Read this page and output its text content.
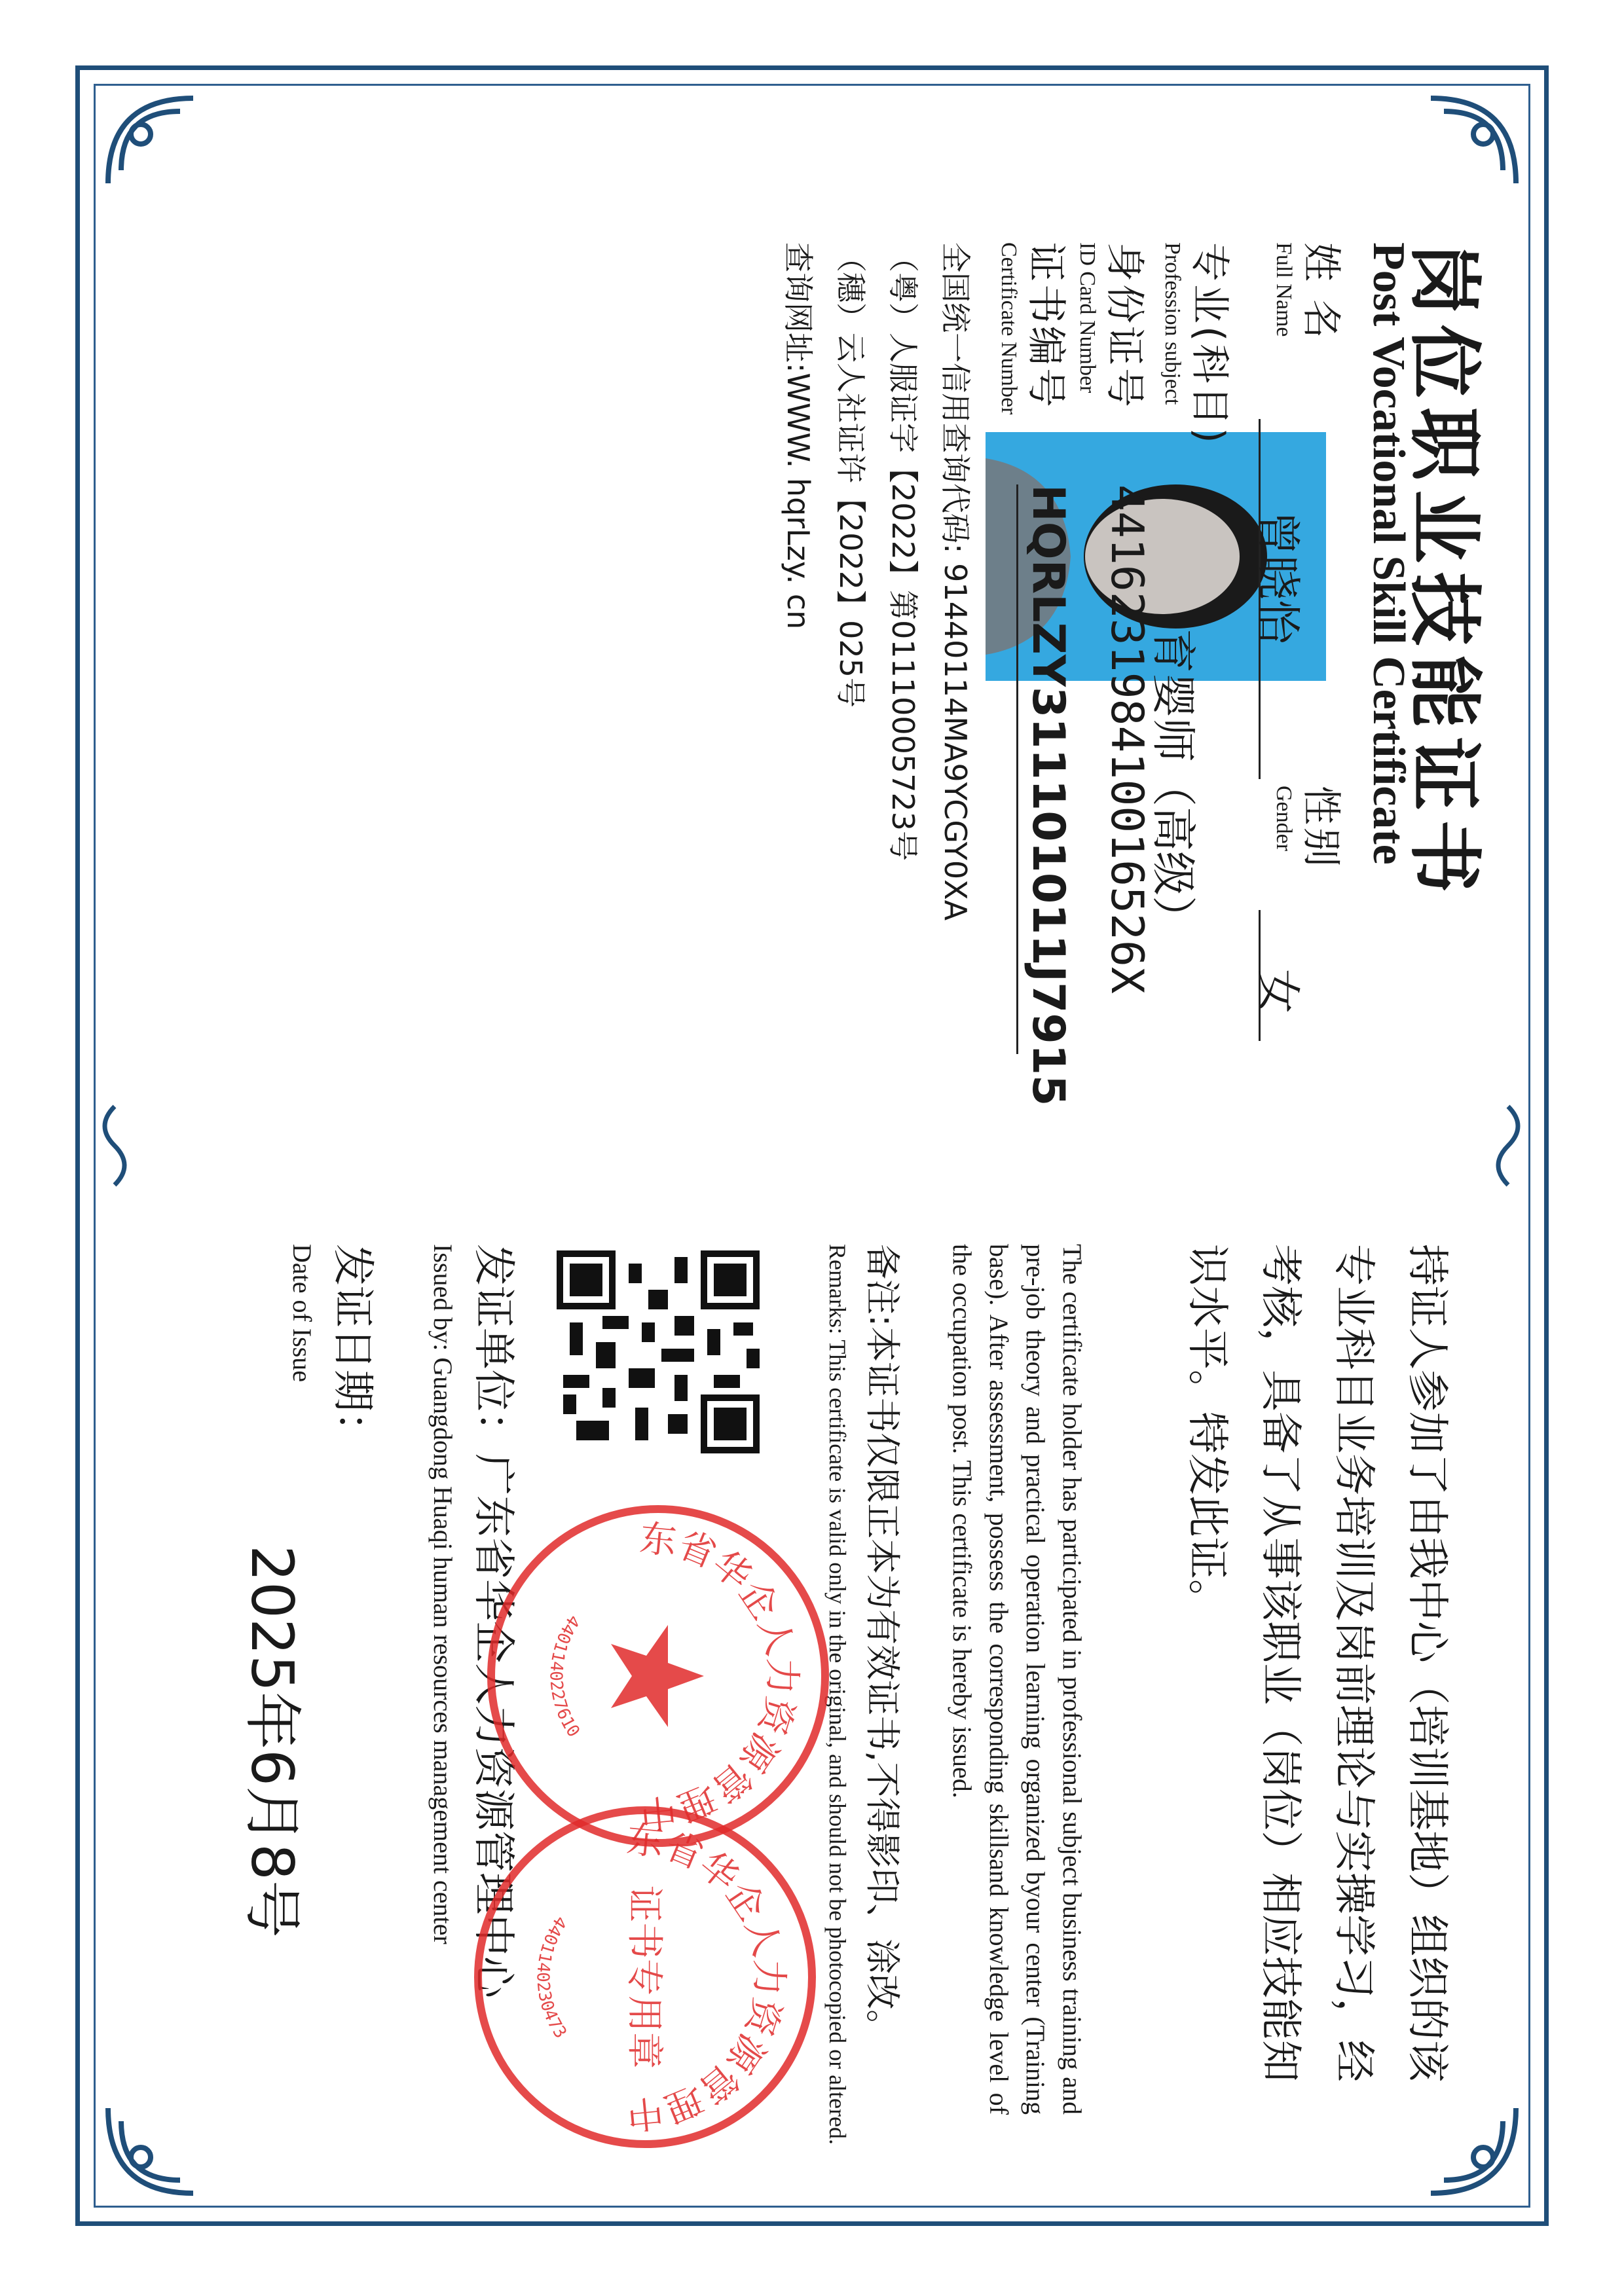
岗位职业技能证书
Post Vocational Skill Certificate
姓 名
Full Name
曾晓怡
性别
Gender
女
专业(科目)
Profession subject
育婴师（高级）
身份证号
ID Card Number
441623198410016526X
证书编号
Certificate Number
HQRLZY311101011J7915
全国统一信用查询代码: 91440114MA9YCGY0XA
（粤）人服证字【2022】第01110005723号
（穗）云人社证许【2022】025号
查询网址:WWW. hqrLzy. cn
持证人参加了由我中心（培训基地）组织的该专业科目业务培训及岗前理论与实操学习，经考核，具备了从事该职业（岗位）相应技能知识水平。特发此证。
The certificate holder has participated in professional subject business training and pre-job theory and practical operation learning organized byour center (Training base). After assessment, possess the corresponding skillsand knowledge level of the occupation post. This certificate is hereby issued.
备注:本证书仅限正本为有效证书,不得影印、涂改。
Remarks: This certificate is valid only in the original, and should not be photocopied or altered.
发证单位：广东省华企人力资源管理中心
Issued by: Guangdong Huaqi human resources management center
发证日期：
Date of Issue
2025年6月8号
东省华企人力资源管理中
4401140227610
东省华企人力资源管理中
证书专用章
4401140230473
